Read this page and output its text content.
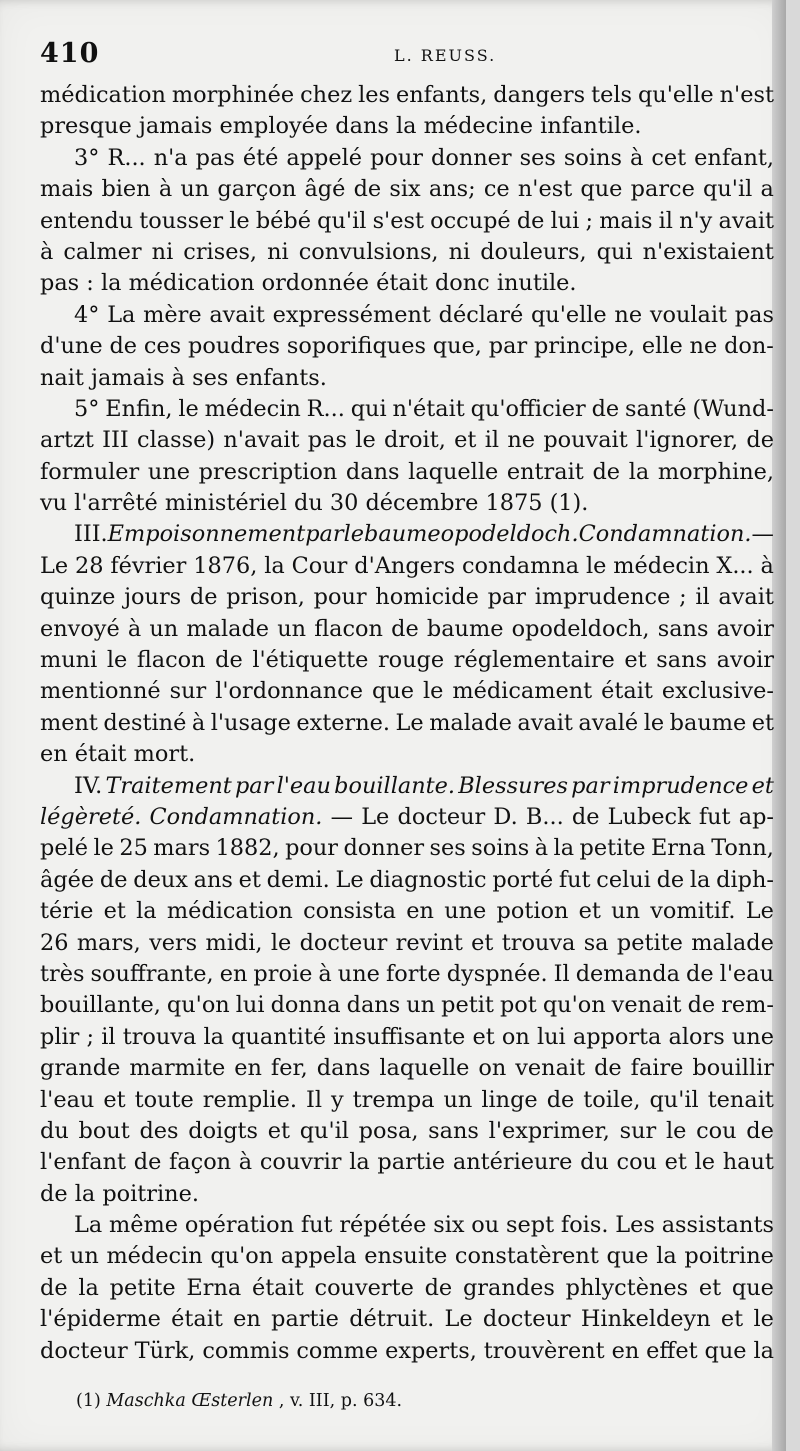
410	L. REUSS.
médication morphinée chez les enfants, dangers tels qu'elle n'est
presque jamais employée dans la médecine infantile.
3° R... n'a pas été appelé pour donner ses soins à cet enfant,
mais bien à un garçon âgé de six ans; ce n'est que parce qu'il a
entendu tousser le bébé qu'il s'est occupé de lui ; mais il n'y avait
à calmer ni crises, ni convulsions, ni douleurs, qui n'existaient
pas : la médication ordonnée était donc inutile.
4° La mère avait expressément déclaré qu'elle ne voulait pas
d'une de ces poudres soporifiques que, par principe, elle ne don-
nait jamais à ses enfants.
5° Enfin, le médecin R... qui n'était qu'officier de santé (Wund-
artzt III classe) n'avait pas le droit, et il ne pouvait l'ignorer, de
formuler une prescription dans laquelle entrait de la morphine,
vu l'arrêté ministériel du 30 décembre 1875 (1).
III. Empoisonnement par le baume opodeldoch. Condamnation. —
Le 28 février 1876, la Cour d'Angers condamna le médecin X... à
quinze jours de prison, pour homicide par imprudence ; il avait
envoyé à un malade un flacon de baume opodeldoch, sans avoir
muni le flacon de l'étiquette rouge réglementaire et sans avoir
mentionné sur l'ordonnance que le médicament était exclusive-
ment destiné à l'usage externe. Le malade avait avalé le baume et
en était mort.
IV. Traitement par l'eau bouillante. Blessures par imprudence et
légèreté. Condamnation. — Le docteur D. B... de Lubeck fut ap-
pelé le 25 mars 1882, pour donner ses soins à la petite Erna Tonn,
âgée de deux ans et demi. Le diagnostic porté fut celui de la diph-
térie et la médication consista en une potion et un vomitif. Le
26 mars, vers midi, le docteur revint et trouva sa petite malade
très souffrante, en proie à une forte dyspnée. Il demanda de l'eau
bouillante, qu'on lui donna dans un petit pot qu'on venait de rem-
plir ; il trouva la quantité insuffisante et on lui apporta alors une
grande marmite en fer, dans laquelle on venait de faire bouillir
l'eau et toute remplie. Il y trempa un linge de toile, qu'il tenait
du bout des doigts et qu'il posa, sans l'exprimer, sur le cou de
l'enfant de façon à couvrir la partie antérieure du cou et le haut
de la poitrine.
La même opération fut répétée six ou sept fois. Les assistants
et un médecin qu'on appela ensuite constatèrent que la poitrine
de la petite Erna était couverte de grandes phlyctènes et que
l'épiderme était en partie détruit. Le docteur Hinkeldeyn et le
docteur Türk, commis comme experts, trouvèrent en effet que la
(1) Maschka Œsterlen , v. III, p. 634.
